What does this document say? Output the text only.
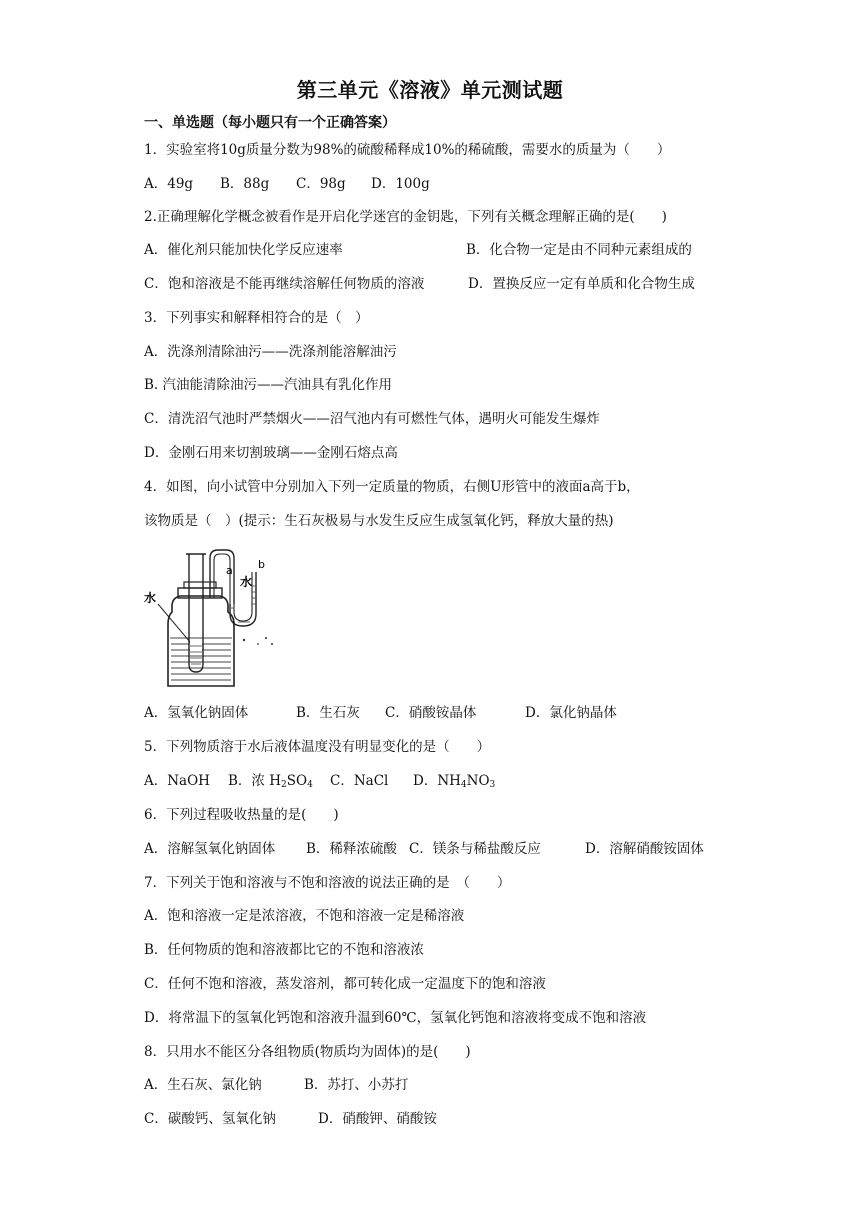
第三单元《溶液》单元测试题
一、单选题（每小题只有一个正确答案）
1．实验室将10g质量分数为98%的硫酸稀释成10%的稀硫酸，需要水的质量为（　　）
A．49g B．88g C．98g D．100g
2.正确理解化学概念被看作是开启化学迷宫的金钥匙，下列有关概念理解正确的是(　　)
A．催化剂只能加快化学反应速率	B．化合物一定是由不同种元素组成的
C．饱和溶液是不能再继续溶解任何物质的溶液	D．置换反应一定有单质和化合物生成
3．下列事实和解释相符合的是（　）
A．洗涤剂清除油污——洗涤剂能溶解油污
B. 汽油能清除油污——汽油具有乳化作用
C．清洗沼气池时严禁烟火——沼气池内有可燃性气体，遇明火可能发生爆炸
D．金刚石用来切割玻璃——金刚石熔点高
4．如图，向小试管中分别加入下列一定质量的物质，右侧U形管中的液面a高于b，
该物质是（　）(提示：生石灰极易与水发生反应生成氢氧化钙，释放大量的热)
a b
水
水
A．氢氧化钠固体	B．生石灰 C．硝酸铵晶体	D．氯化钠晶体
5．下列物质溶于水后液体温度没有明显变化的是（　　）
A．NaOH B．浓 $H_2SO_4$ C．NaCl D．$NH_4NO_3$
6．下列过程吸收热量的是(　　)
A．溶解氢氧化钠固体 B．稀释浓硫酸 C．镁条与稀盐酸反应	D．溶解硝酸铵固体
7．下列关于饱和溶液与不饱和溶液的说法正确的是　（　　）
A．饱和溶液一定是浓溶液，不饱和溶液一定是稀溶液
B．任何物质的饱和溶液都比它的不饱和溶液浓
C．任何不饱和溶液，蒸发溶剂，都可转化成一定温度下的饱和溶液
D．将常温下的氢氧化钙饱和溶液升温到60℃，氢氧化钙饱和溶液将变成不饱和溶液
8．只用水不能区分各组物质(物质均为固体)的是(　　)
A．生石灰、氯化钠	B．苏打、小苏打
C．碳酸钙、氢氧化钠	D．硝酸钾、硝酸铵
